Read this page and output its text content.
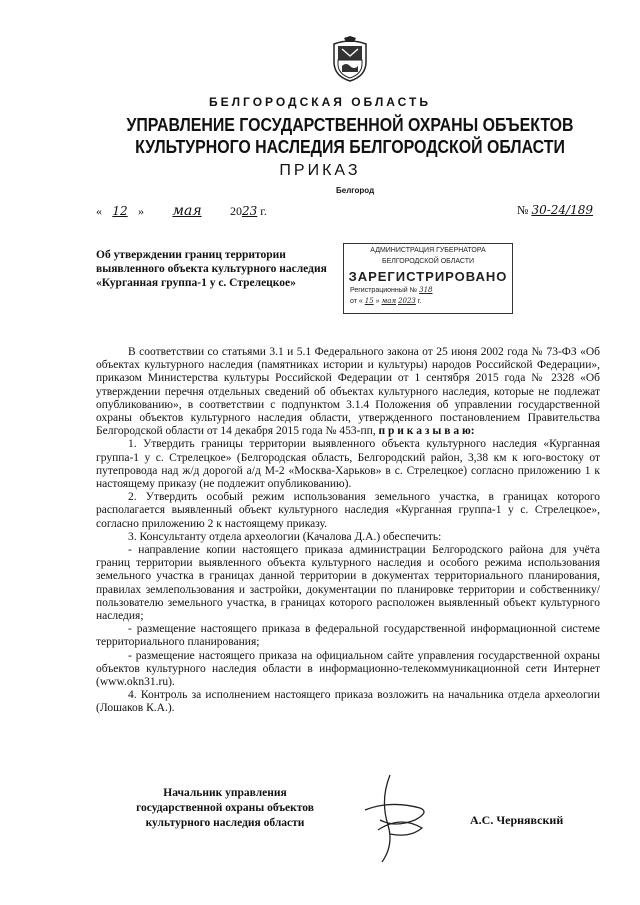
БЕЛГОРОДСКАЯ ОБЛАСТЬ
УПРАВЛЕНИЕ ГОСУДАРСТВЕННОЙ ОХРАНЫ ОБЪЕКТОВ
КУЛЬТУРНОГО НАСЛЕДИЯ БЕЛГОРОДСКОЙ ОБЛАСТИ
ПРИКАЗ
Белгород
« 12 » мая 2023 г.	№ 30-24/189
Об утверждении границ территории
выявленного объекта культурного наследия
«Курганная группа-1 у с. Стрелецкое»
АДМИНИСТРАЦИЯ ГУБЕРНАТОРА
БЕЛГОРОДСКОЙ ОБЛАСТИ
ЗАРЕГИСТРИРОВАНО
Регистрационный № 318
от « 15 » мая 2023 г.

В соответствии со статьями 3.1 и 5.1 Федерального закона от 25 июня 2002 года № 73-ФЗ «Об объектах культурного наследия (памятниках истории и культуры) народов Российской Федерации», приказом Министерства культуры Российской Федерации от 1 сентября 2015 года № 2328 «Об утверждении перечня отдельных сведений об объектах культурного наследия, которые не подлежат опубликованию», в соответствии с подпунктом 3.1.4 Положения об управлении государственной охраны объектов культурного наследия области, утвержденного постановлением Правительства Белгородской области от 14 декабря 2015 года № 453-пп, п р и к а з ы в а ю:

1. Утвердить границы территории выявленного объекта культурного наследия «Курганная группа-1 у с. Стрелецкое» (Белгородская область, Белгородский район, 3,38 км к юго-востоку от путепровода над ж/д дорогой а/д М-2 «Москва-Харьков» в с. Стрелецкое) согласно приложению 1 к настоящему приказу (не подлежит опубликованию).

2. Утвердить особый режим использования земельного участка, в границах которого располагается выявленный объект культурного наследия «Курганная группа-1 у с. Стрелецкое», согласно приложению 2 к настоящему приказу.

3. Консультанту отдела археологии (Качалова Д.А.) обеспечить:

- направление копии настоящего приказа администрации Белгородского района для учёта границ территории выявленного объекта культурного наследия и особого режима использования земельного участка в границах данной территории в документах территориального планирования, правилах землепользования и застройки, документации по планировке территории и собственнику/пользователю земельного участка, в границах которого расположен выявленный объект культурного наследия;

- размещение настоящего приказа в федеральной государственной информационной системе территориального планирования;

- размещение настоящего приказа на официальном сайте управления государственной охраны объектов культурного наследия области в информационно-телекоммуникационной сети Интернет (www.okn31.ru).

4. Контроль за исполнением настоящего приказа возложить на начальника отдела археологии (Лошаков К.А.).

Начальник управления
государственной охраны объектов
культурного наследия области	А.С. Чернявский
